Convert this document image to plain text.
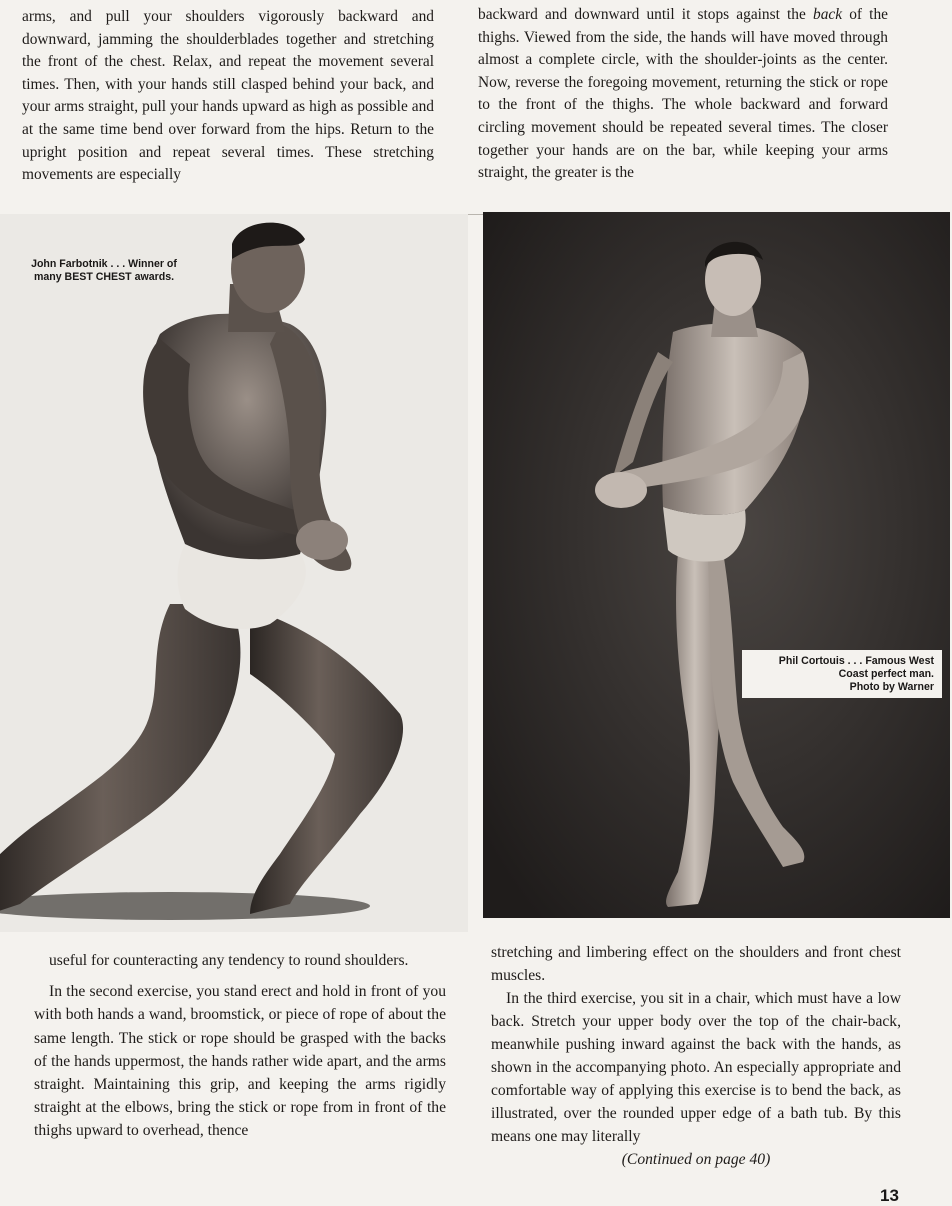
arms, and pull your shoulders vigorously backward and downward, jamming the shoulderblades together and stretching the front of the chest. Relax, and repeat the movement several times. Then, with your hands still clasped behind your back, and your arms straight, pull your hands upward as high as possible and at the same time bend over forward from the hips. Return to the upright position and repeat several times. These stretching movements are especially

backward and downward until it stops against the back of the thighs. Viewed from the side, the hands will have moved through almost a complete circle, with the shoulder-joints as the center. Now, reverse the foregoing movement, returning the stick or rope to the front of the thighs. The whole backward and forward circling movement should be repeated several times. The closer together your hands are on the bar, while keeping your arms straight, the greater is the

John Farbotnik . . . Winner of
many BEST CHEST awards.
Phil Cortouis . . . Famous West
Coast perfect man.
Photo by Warner

useful for counteracting any tendency to round shoulders.

In the second exercise, you stand erect and hold in front of you with both hands a wand, broomstick, or piece of rope of about the same length. The stick or rope should be grasped with the backs of the hands uppermost, the hands rather wide apart, and the arms straight. Maintaining this grip, and keeping the arms rigidly straight at the elbows, bring the stick or rope from in front of the thighs upward to overhead, thence

stretching and limbering effect on the shoulders and front chest muscles.

In the third exercise, you sit in a chair, which must have a low back. Stretch your upper body over the top of the chair-back, meanwhile pushing inward against the back with the hands, as shown in the accompanying photo. An especially appropriate and comfortable way of applying this exercise is to bend the back, as illustrated, over the rounded upper edge of a bath tub. By this means one may literally

(Continued on page 40)

13
